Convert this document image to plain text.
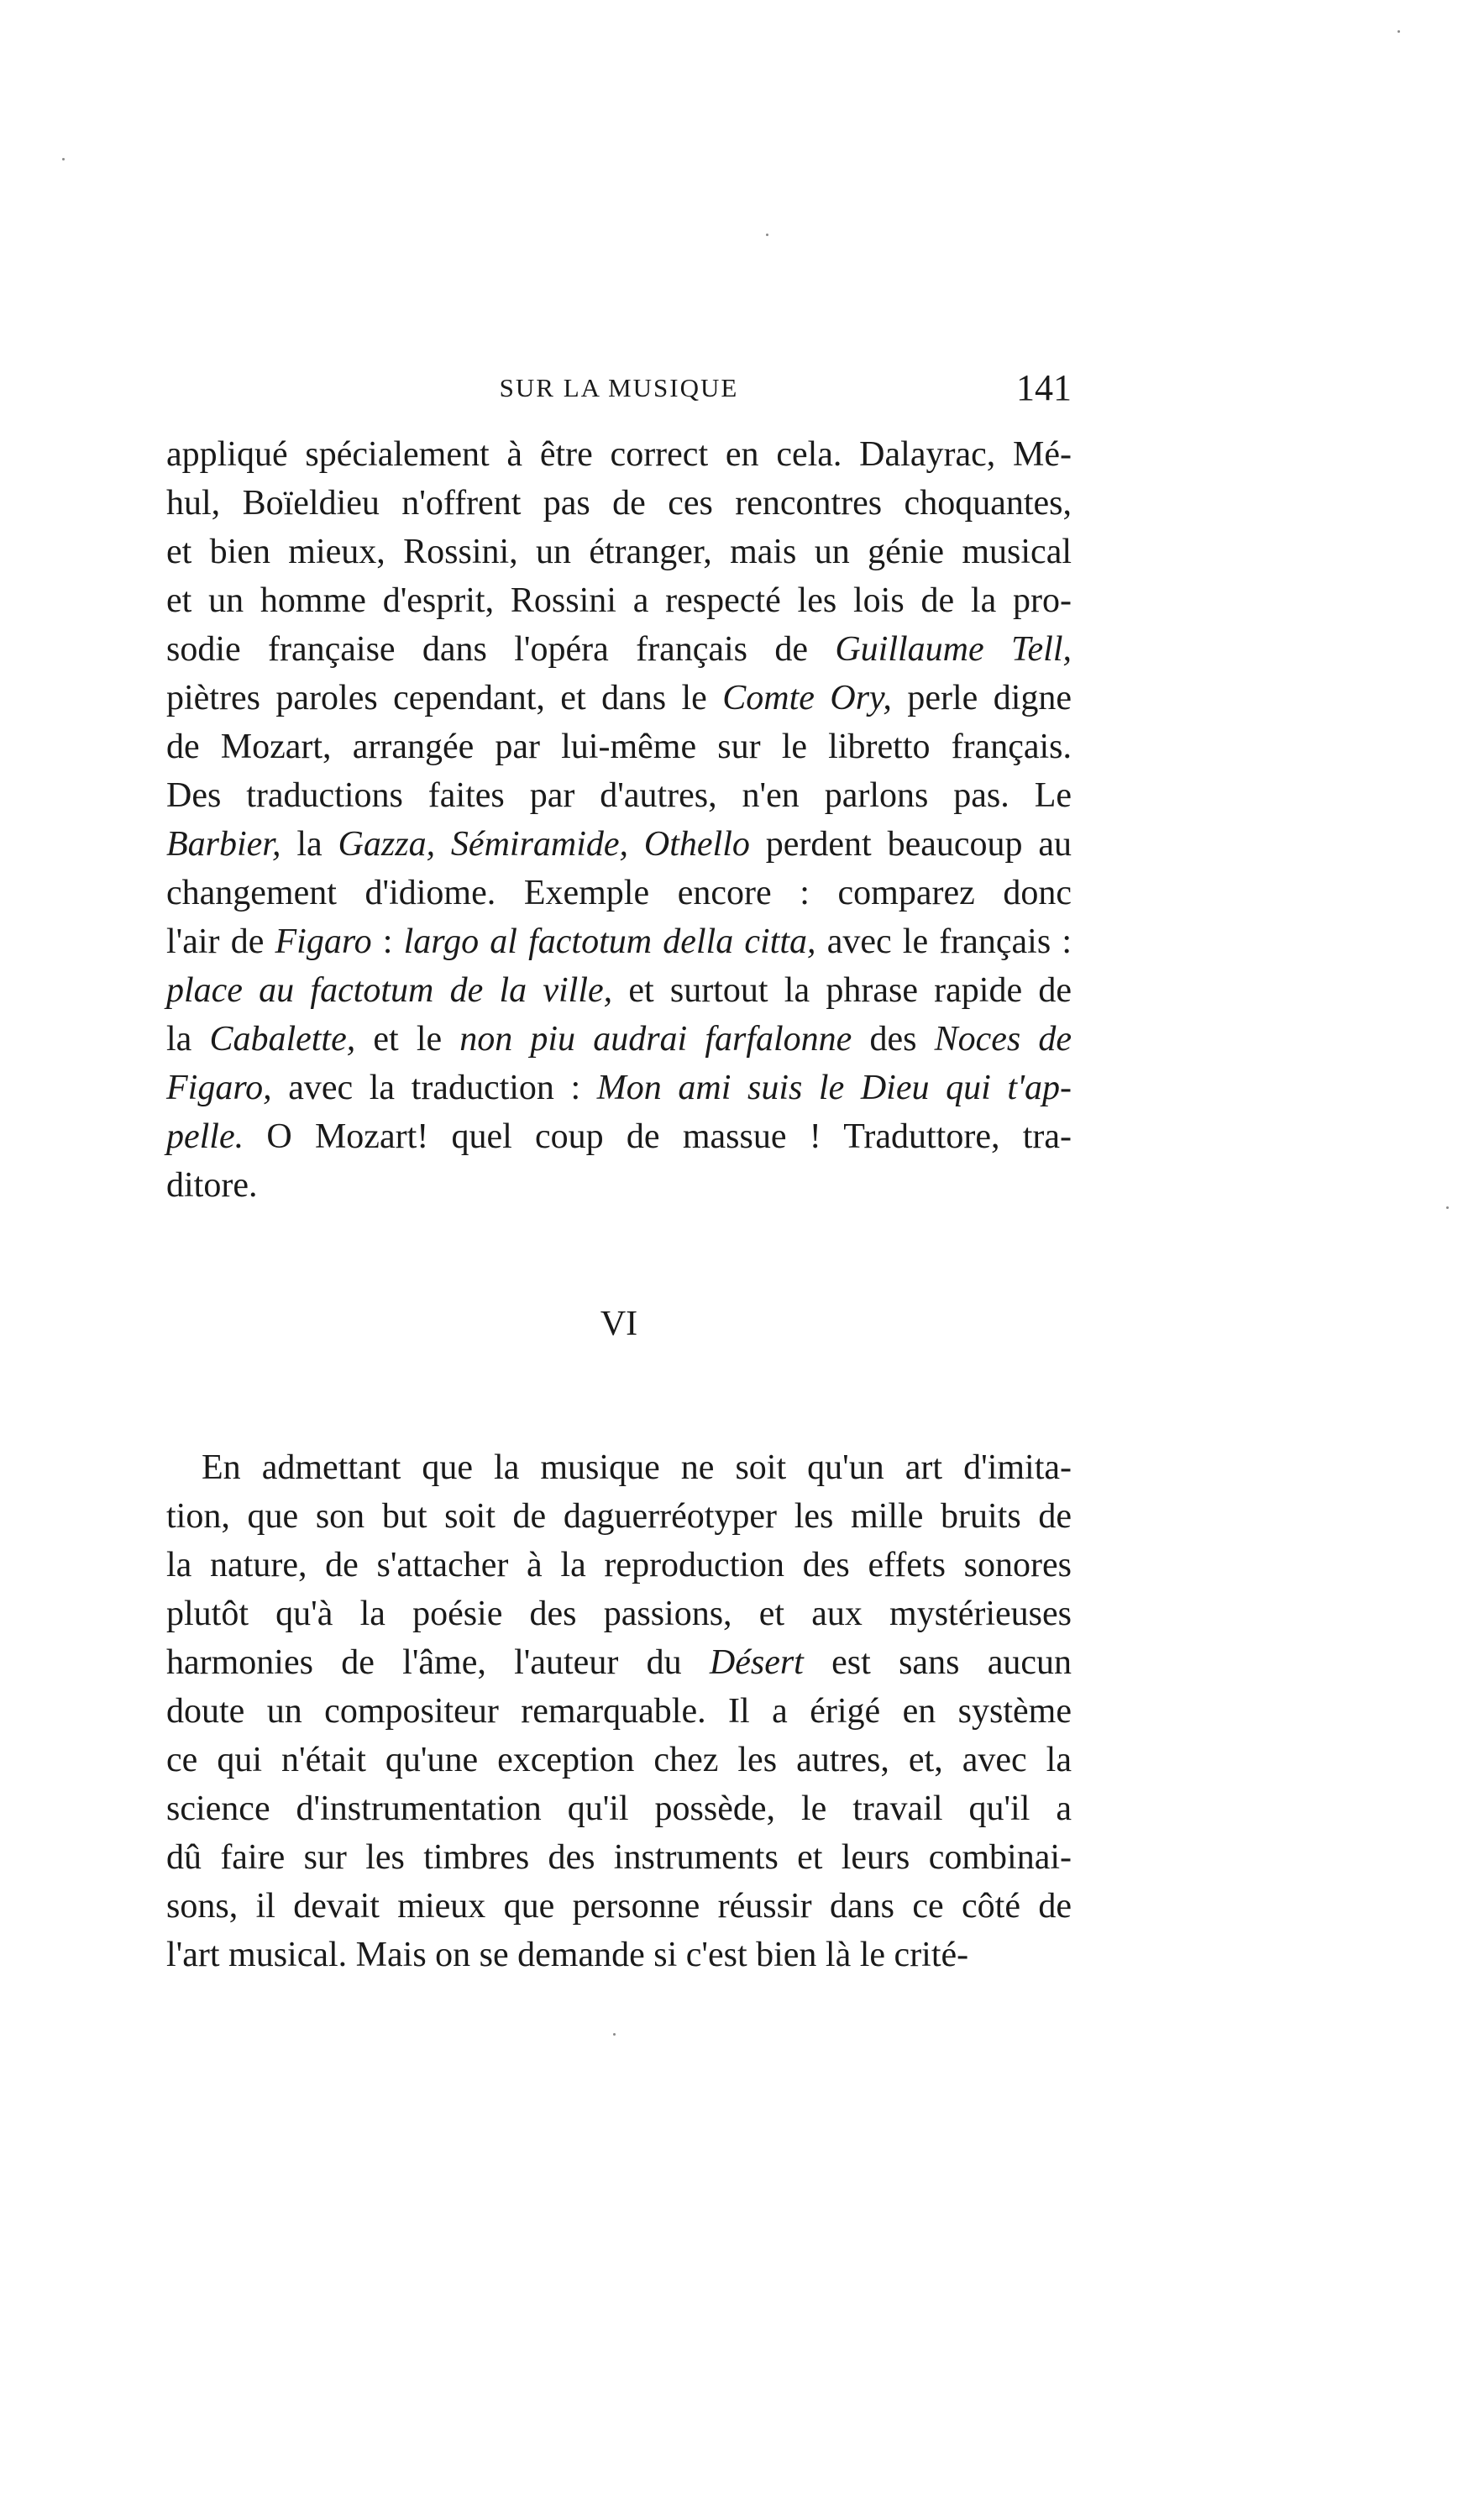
SUR LA MUSIQUE	141
appliqué spécialement à être correct en cela. Dalayrac, Mé-
hul, Boïeldieu n'offrent pas de ces rencontres choquantes,
et bien mieux, Rossini, un étranger, mais un génie musical
et un homme d'esprit, Rossini a respecté les lois de la pro-
sodie française dans l'opéra français de Guillaume Tell,
piètres paroles cependant, et dans le Comte Ory, perle digne
de Mozart, arrangée par lui-même sur le libretto français.
Des traductions faites par d'autres, n'en parlons pas. Le
Barbier, la Gazza, Sémiramide, Othello perdent beaucoup au
changement d'idiome. Exemple encore : comparez donc
l'air de Figaro : largo al factotum della citta, avec le français :
place au factotum de la ville, et surtout la phrase rapide de
la Cabalette, et le non piu audrai farfalonne des Noces de
Figaro, avec la traduction : Mon ami suis le Dieu qui t'ap-
pelle. O Mozart! quel coup de massue ! Traduttore, tra-
ditore.
VI
En admettant que la musique ne soit qu'un art d'imita-
tion, que son but soit de daguerréotyper les mille bruits de
la nature, de s'attacher à la reproduction des effets sonores
plutôt qu'à la poésie des passions, et aux mystérieuses
harmonies de l'âme, l'auteur du Désert est sans aucun
doute un compositeur remarquable. Il a érigé en système
ce qui n'était qu'une exception chez les autres, et, avec la
science d'instrumentation qu'il possède, le travail qu'il a
dû faire sur les timbres des instruments et leurs combinai-
sons, il devait mieux que personne réussir dans ce côté de
l'art musical. Mais on se demande si c'est bien là le crité-
